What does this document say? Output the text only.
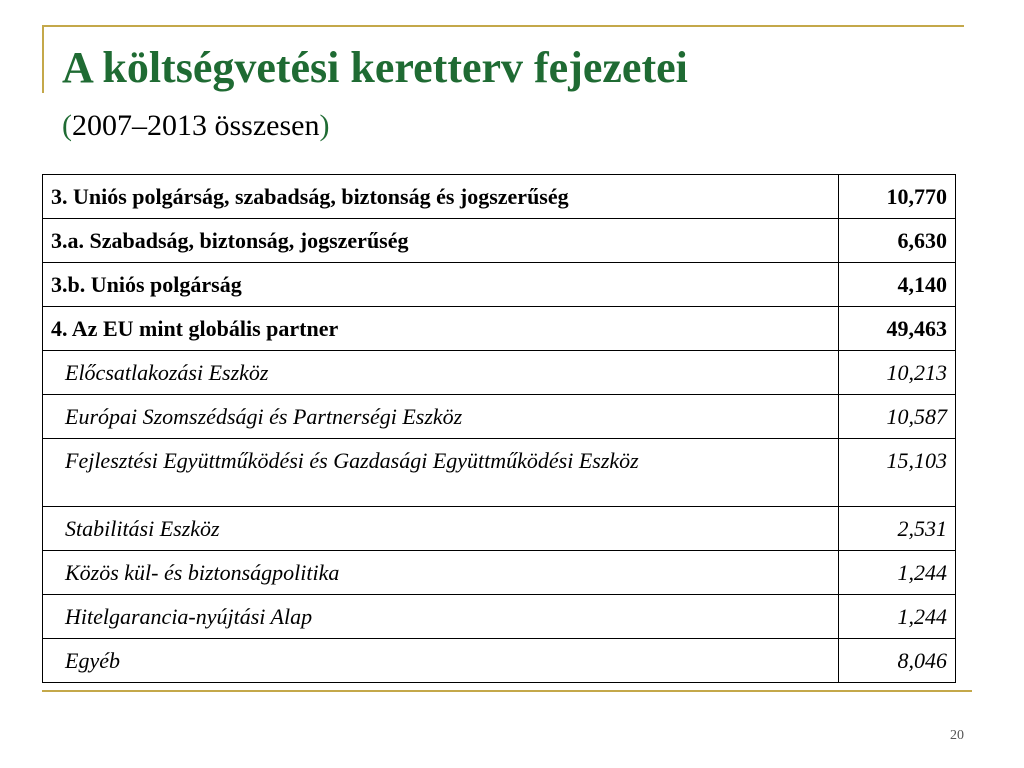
A költségvetési keretterv fejezetei

(2007–2013 összesen)

3. Uniós polgárság, szabadság, biztonság és jogszerűség	10,770
3.a. Szabadság, biztonság, jogszerűség	6,630
3.b. Uniós polgárság	4,140
4. Az EU mint globális partner	49,463
Előcsatlakozási Eszköz	10,213
Európai Szomszédsági és Partnerségi Eszköz	10,587
Fejlesztési Együttműködési és Gazdasági Együttműködési Eszköz	15,103
Stabilitási Eszköz	2,531
Közös kül- és biztonságpolitika	1,244
Hitelgarancia-nyújtási Alap	1,244
Egyéb	8,046
20
